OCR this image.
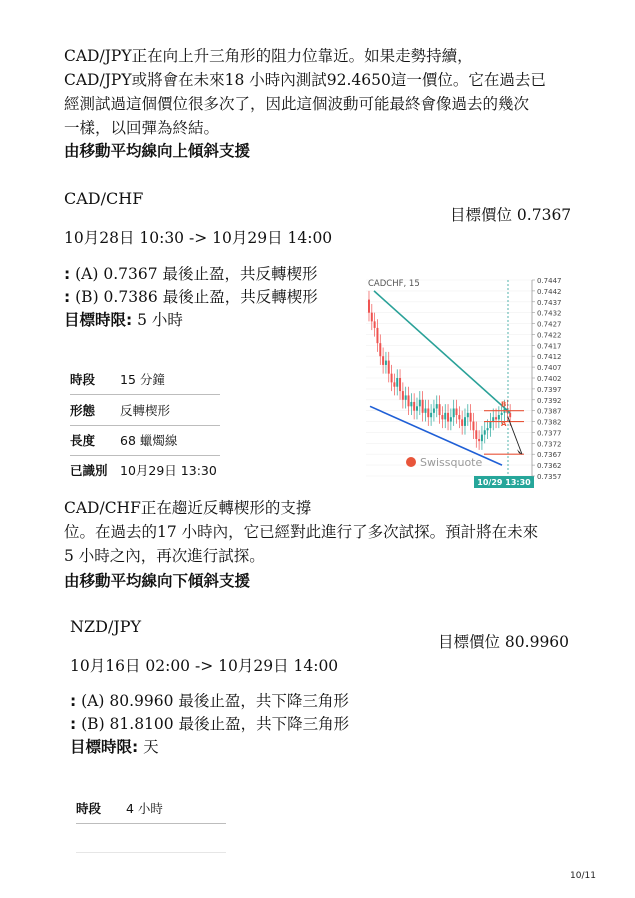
CAD/JPY正在向上升三角形的阻力位靠近。如果走勢持續，
CAD/JPY或將會在未來18 小時內測試92.4650這一價位。它在過去已
經測試過這個價位很多次了，因此這個波動可能最終會像過去的幾次
一樣，以回彈為終結。
由移動平均線向上傾斜支援
CAD/CHF
目標價位 0.7367
10月28日 10:30 -> 10月29日 14:00
: (A) 0.7367 最後止盈，共反轉楔形
: (B) 0.7386 最後止盈，共反轉楔形
目標時限: 5 小時
時段	15 分鐘
形態	反轉楔形
長度	68 蠟燭線
已識別 10月29日 13:30
B
A
10/29 13:30
0.7447
0.7442
0.7437
0.7432
0.7427
0.7422
0.7417
0.7412
0.7407
0.7402
0.7397
0.7392
0.7387
0.7382
0.7377
0.7372
0.7367
0.7362
0.7357
CADCHF, 15
Swissquote
CAD/CHF正在趨近反轉楔形的支撐
位。在過去的17 小時內，它已經對此進行了多次試探。預計將在未來
5 小時之內，再次進行試探。
由移動平均線向下傾斜支援
NZD/JPY
目標價位 80.9960
10月16日 02:00 -> 10月29日 14:00
: (A) 80.9960 最後止盈，共下降三角形
: (B) 81.8100 最後止盈，共下降三角形
目標時限: 天
時段	4 小時
10/11
